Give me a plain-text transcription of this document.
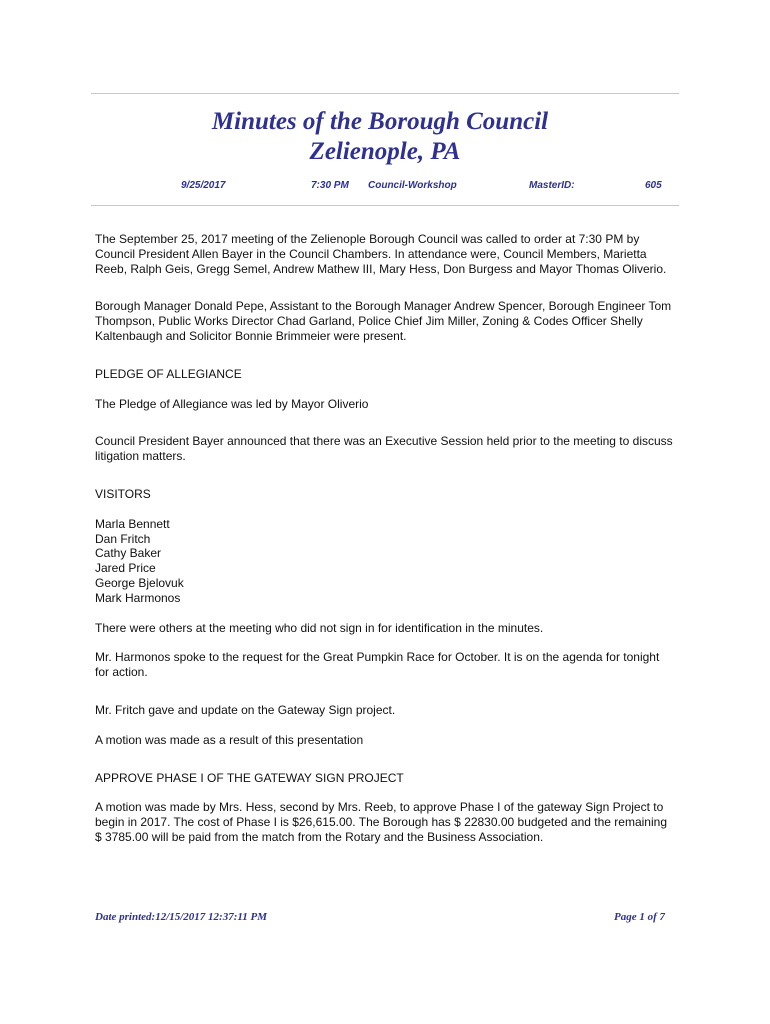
Minutes of the Borough Council
Zelienople, PA
9/25/2017	7:30 PM Council-Workshop	MasterID:	605

The September 25, 2017 meeting of the Zelienople Borough Council was called to order at 7:30 PM by Council President Allen Bayer in the Council Chambers. In attendance were, Council Members, Marietta Reeb, Ralph Geis, Gregg Semel, Andrew Mathew III, Mary Hess, Don Burgess and Mayor Thomas Oliverio.

Borough Manager Donald Pepe, Assistant to the Borough Manager Andrew Spencer, Borough Engineer Tom Thompson, Public Works Director Chad Garland, Police Chief Jim Miller, Zoning & Codes Officer Shelly Kaltenbaugh and Solicitor Bonnie Brimmeier were present.

PLEDGE OF ALLEGIANCE

The Pledge of Allegiance was led by Mayor Oliverio

Council President Bayer announced that there was an Executive Session held prior to the meeting to discuss litigation matters.

VISITORS

Marla Bennett
Dan Fritch
Cathy Baker
Jared Price
George Bjelovuk
Mark Harmonos

There were others at the meeting who did not sign in for identification in the minutes.

Mr. Harmonos spoke to the request for the Great Pumpkin Race for October. It is on the agenda for tonight for action.

Mr. Fritch gave and update on the Gateway Sign project.

A motion was made as a result of this presentation

APPROVE PHASE I OF THE GATEWAY SIGN PROJECT

A motion was made by Mrs. Hess, second by Mrs. Reeb, to approve Phase I of the gateway Sign Project to begin in 2017. The cost of Phase I is $26,615.00. The Borough has $ 22830.00 budgeted and the remaining $ 3785.00 will be paid from the match from the Rotary and the Business Association.

Date printed:12/15/2017 12:37:11 PM	Page 1 of 7
